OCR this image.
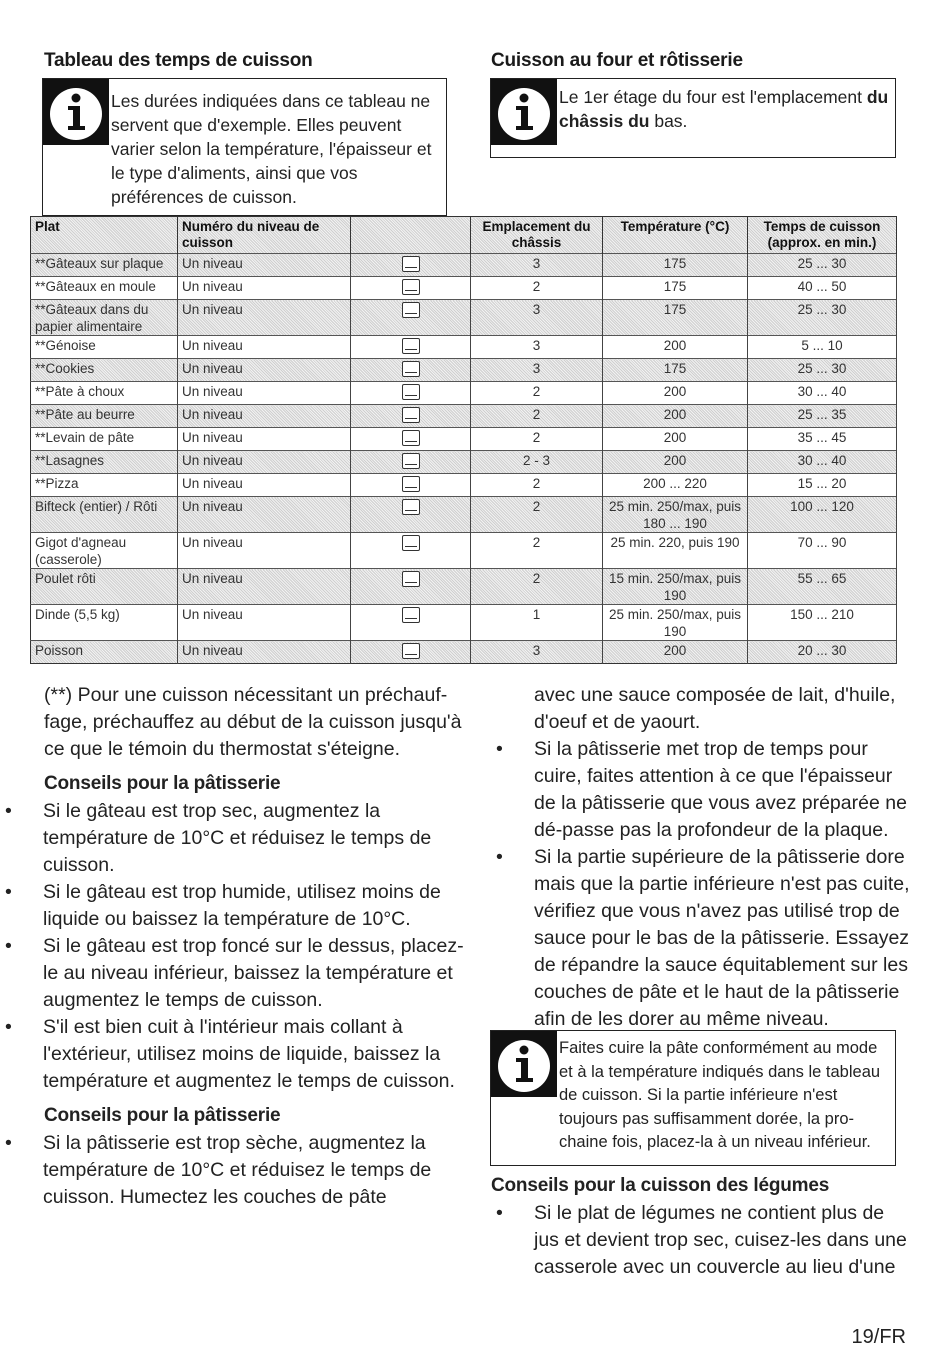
Tableau des temps de cuisson	Cuisson au four et rôtisserie
Les durées indiquées dans ce tableau ne servent que d'exemple. Elles peuvent varier selon la température, l'épaisseur et le type d'aliments, ainsi que vos préférences de cuisson.
Le 1er étage du four est l'emplacement du châssis du bas.
Plat	Numéro du niveau de cuisson		Emplacement du châssis	Température (°C)	Temps de cuisson (approx. en min.)
**Gâteaux sur plaque	Un niveau		3	175	25 ... 30
**Gâteaux en moule	Un niveau		2	175	40 ... 50
**Gâteaux dans du papier alimentaire	Un niveau		3	175	25 ... 30
**Génoise	Un niveau		3	200	5 ... 10
**Cookies	Un niveau		3	175	25 ... 30
**Pâte à choux	Un niveau		2	200	30 ... 40
**Pâte au beurre	Un niveau		2	200	25 ... 35
**Levain de pâte	Un niveau		2	200	35 ... 45
**Lasagnes	Un niveau		2 - 3	200	30 ... 40
**Pizza	Un niveau		2	200 ... 220	15 ... 20
Bifteck (entier) / Rôti	Un niveau		2	25 min. 250/max, puis 180 ... 190	100 ... 120
Gigot d'agneau (casserole)	Un niveau		2	25 min. 220, puis 190	70 ... 90
Poulet rôti	Un niveau		2	15 min. 250/max, puis 190	55 ... 65
Dinde (5,5 kg)	Un niveau		1	25 min. 250/max, puis 190	150 ... 210
Poisson	Un niveau		3	200	20 ... 30

(**) Pour une cuisson nécessitant un préchauf-fage, préchauffez au début de la cuisson jusqu'à ce que le témoin du thermostat s'éteigne.

Conseils pour la pâtisserie
• Si le gâteau est trop sec, augmentez la température de 10°C et réduisez le temps de cuisson.
• Si le gâteau est trop humide, utilisez moins de liquide ou baissez la température de 10°C.
• Si le gâteau est trop foncé sur le dessus, placez-le au niveau inférieur, baissez la température et augmentez le temps de cuisson.
• S'il est bien cuit à l'intérieur mais collant à l'extérieur, utilisez moins de liquide, baissez la température et augmentez le temps de cuisson.
Conseils pour la pâtisserie
• Si la pâtisserie est trop sèche, augmentez la température de 10°C et réduisez le temps de cuisson. Humectez les couches de pâte

avec une sauce composée de lait, d'huile, d'oeuf et de yaourt.

• Si la pâtisserie met trop de temps pour cuire, faites attention à ce que l'épaisseur de la pâtisserie que vous avez préparée ne dé-passe pas la profondeur de la plaque.
• Si la partie supérieure de la pâtisserie dore mais que la partie inférieure n'est pas cuite, vérifiez que vous n'avez pas utilisé trop de sauce pour le bas de la pâtisserie. Essayez de répandre la sauce équitablement sur les couches de pâte et le haut de la pâtisserie afin de les dorer au même niveau.
Faites cuire la pâte conformément au mode et à la température indiqués dans le tableau de cuisson. Si la partie inférieure n'est toujours pas suffisamment dorée, la pro-chaine fois, placez-la à un niveau inférieur.
Conseils pour la cuisson des légumes
• Si le plat de légumes ne contient plus de jus et devient trop sec, cuisez-les dans une casserole avec un couvercle au lieu d'une
19/FR
